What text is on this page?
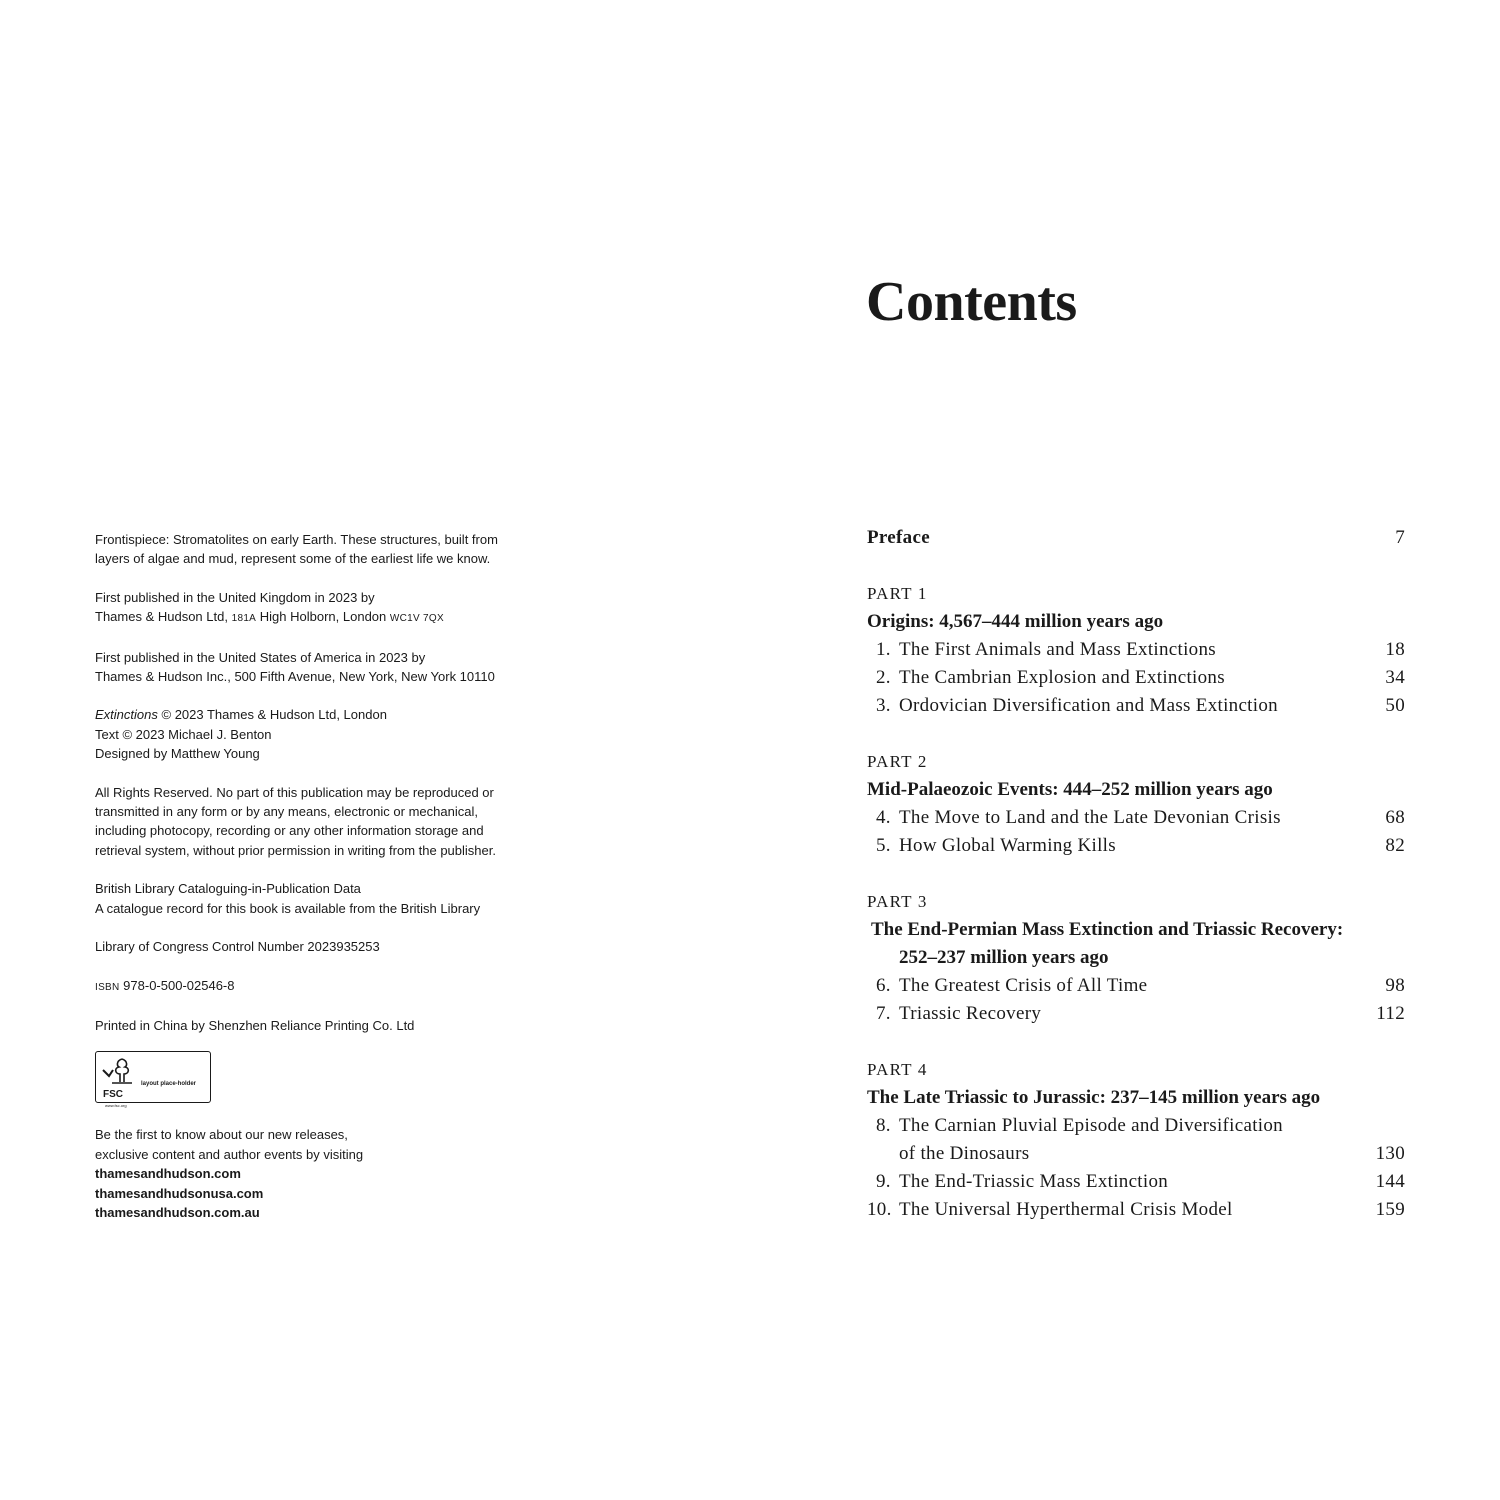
Frontispiece: Stromatolites on early Earth. These structures, built from
layers of algae and mud, represent some of the earliest life we know.
First published in the United Kingdom in 2023 by
Thames & Hudson Ltd, 181A High Holborn, London WC1V 7QX
First published in the United States of America in 2023 by
Thames & Hudson Inc., 500 Fifth Avenue, New York, New York 10110
Extinctions © 2023 Thames & Hudson Ltd, London
Text © 2023 Michael J. Benton
Designed by Matthew Young
All Rights Reserved. No part of this publication may be reproduced or
transmitted in any form or by any means, electronic or mechanical,
including photocopy, recording or any other information storage and
retrieval system, without prior permission in writing from the publisher.
British Library Cataloguing-in-Publication Data
A catalogue record for this book is available from the British Library
Library of Congress Control Number 2023935253
ISBN 978-0-500-02546-8
Printed in China by Shenzhen Reliance Printing Co. Ltd
FSC
www.fsc.org
layout place-holder
Be the first to know about our new releases,
exclusive content and author events by visiting
thamesandhudson.com
thamesandhudsonusa.com
thamesandhudson.com.au
Contents
Preface	7
PART 1
Origins: 4,567–444 million years ago
1. The First Animals and Mass Extinctions	18
2. The Cambrian Explosion and Extinctions	34
3. Ordovician Diversification and Mass Extinction	50
PART 2
Mid-Palaeozoic Events: 444–252 million years ago
4. The Move to Land and the Late Devonian Crisis	68
5. How Global Warming Kills	82
PART 3
The End-Permian Mass Extinction and Triassic Recovery:
252–237 million years ago
6. The Greatest Crisis of All Time	98
7. Triassic Recovery	112
PART 4
The Late Triassic to Jurassic: 237–145 million years ago
8. The Carnian Pluvial Episode and Diversification
of the Dinosaurs	130
9. The End-Triassic Mass Extinction	144
10. The Universal Hyperthermal Crisis Model	159
